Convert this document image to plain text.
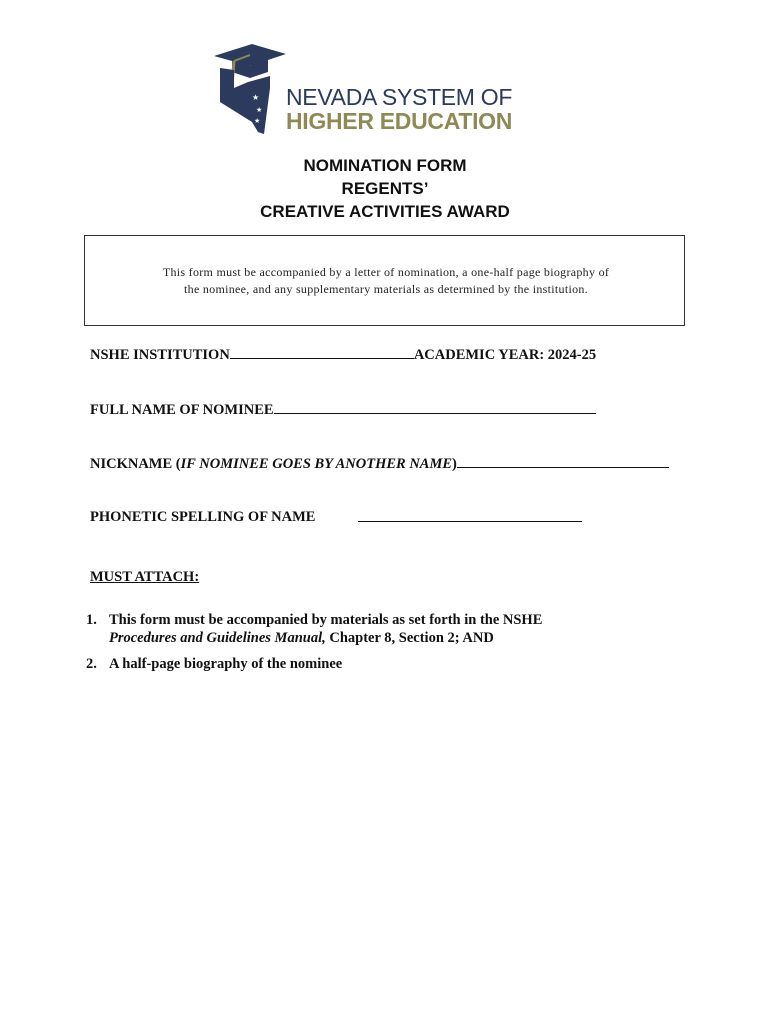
★
★
★
NEVADA SYSTEM OF
HIGHER EDUCATION
NOMINATION FORM
REGENTS’
CREATIVE ACTIVITIES AWARD
This form must be accompanied by a letter of nomination, a one-half page biography of
the nominee, and any supplementary materials as determined by the institution.
NSHE INSTITUTION	ACADEMIC YEAR: 2024-25
FULL NAME OF NOMINEE
NICKNAME (IF NOMINEE GOES BY ANOTHER NAME)
PHONETIC SPELLING OF NAME
MUST ATTACH:
1. This form must be accompanied by materials as set forth in the NSHE
Procedures and Guidelines Manual, Chapter 8, Section 2; AND
2. A half-page biography of the nominee
